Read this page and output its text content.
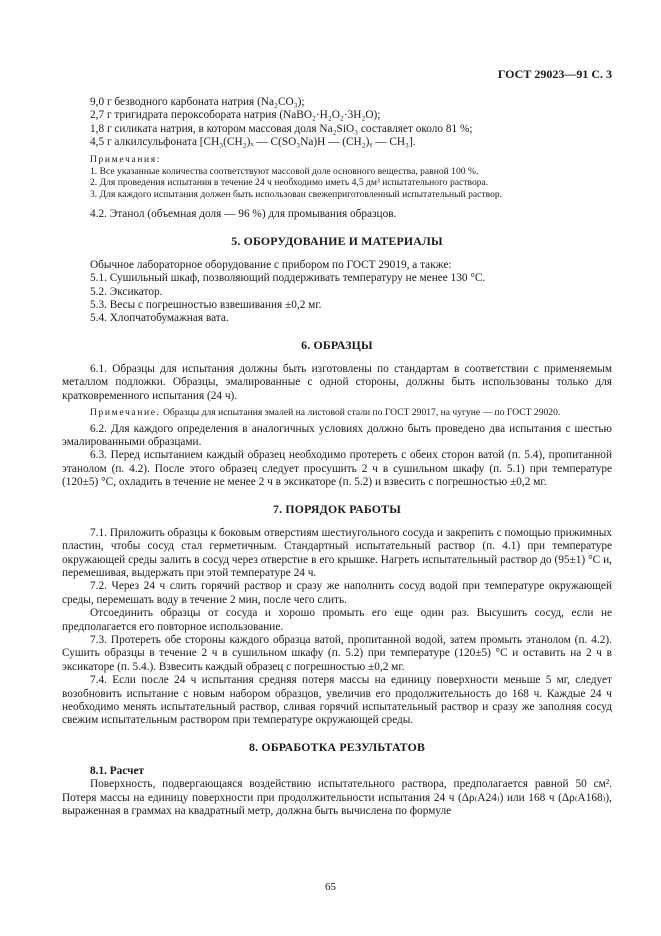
ГОСТ 29023—91 С. 3
9,0 г безводного карбоната натрия (Na₂CO₃);
2,7 г тригидрата пероксобората натрия (NaBO₂·H₂O₂·3H₂O);
1,8 г силиката натрия, в котором массовая доля Na₂SiO₃ составляет около 81 %;
4,5 г алкилсульфоната [CH₃(CH₂)ₓ — C(SO₃Na)H — (CH₂)ᵧ — CH₃].
Примечания:
1. Все указанные количества соответствуют массовой доле основного вещества, равной 100 %.
2. Для проведения испытания в течение 24 ч необходимо иметь 4,5 дм³ испытательного раствора.
3. Для каждого испытания должен быть использован свежеприготовленный испытательный раствор.
4.2. Этанол (объемная доля — 96 %) для промывания образцов.
5. ОБОРУДОВАНИЕ И МАТЕРИАЛЫ
Обычное лабораторное оборудование с прибором по ГОСТ 29019, а также:
5.1. Сушильный шкаф, позволяющий поддерживать температуру не менее 130 °С.
5.2. Эксикатор.
5.3. Весы с погрешностью взвешивания ±0,2 мг.
5.4. Хлопчатобумажная вата.
6. ОБРАЗЦЫ

6.1. Образцы для испытания должны быть изготовлены по стандартам в соответствии с применяемым металлом подложки. Образцы, эмалированные с одной стороны, должны быть использованы только для кратковременного испытания (24 ч).

Примечание. Образцы для испытания эмалей на листовой стали по ГОСТ 29017, на чугуне — по ГОСТ 29020.

6.2. Для каждого определения в аналогичных условиях должно быть проведено два испытания с шестью эмалированными образцами.

6.3. Перед испытанием каждый образец необходимо протереть с обеих сторон ватой (п. 5.4), пропитанной этанолом (п. 4.2). После этого образец следует просушить 2 ч в сушильном шкафу (п. 5.1) при температуре (120±5) °С, охладить в течение не менее 2 ч в эксикаторе (п. 5.2) и взвесить с погрешностью ±0,2 мг.

7. ПОРЯДОК РАБОТЫ

7.1. Приложить образцы к боковым отверстиям шестиугольного сосуда и закрепить с помощью прижимных пластин, чтобы сосуд стал герметичным. Стандартный испытательный раствор (п. 4.1) при температуре окружающей среды залить в сосуд через отверстие в его крышке. Нагреть испытательный раствор до (95±1) °С и, перемешивая, выдержать при этой температуре 24 ч.

7.2. Через 24 ч слить горячий раствор и сразу же наполнить сосуд водой при температуре окружающей среды, перемешать воду в течение 2 мин, после чего слить.

Отсоединить образцы от сосуда и хорошо промыть его еще один раз. Высушить сосуд, если не предполагается его повторное использование.

7.3. Протереть обе стороны каждого образца ватой, пропитанной водой, затем промыть этанолом (п. 4.2). Сушить образцы в течение 2 ч в сушильном шкафу (п. 5.2) при температуре (120±5) °С и оставить на 2 ч в эксикаторе (п. 5.4.). Взвесить каждый образец с погрешностью ±0,2 мг.

7.4. Если после 24 ч испытания средняя потеря массы на единицу поверхности меньше 5 мг, следует возобновить испытание с новым набором образцов, увеличив его продолжительность до 168 ч. Каждые 24 ч необходимо менять испытательный раствор, сливая горячий испытательный раствор и сразу же заполняя сосуд свежим испытательным раствором при температуре окружающей среды.

8. ОБРАБОТКА РЕЗУЛЬТАТОВ
8.1. Расчет

Поверхность, подвергающаяся воздействию испытательного раствора, предполагается равной 50 см². Потеря массы на единицу поверхности при продолжительности испытания 24 ч (Δρ₍A24₎) или 168 ч (Δρ₍A168₎), выраженная в граммах на квадратный метр, должна быть вычислена по формуле

65
